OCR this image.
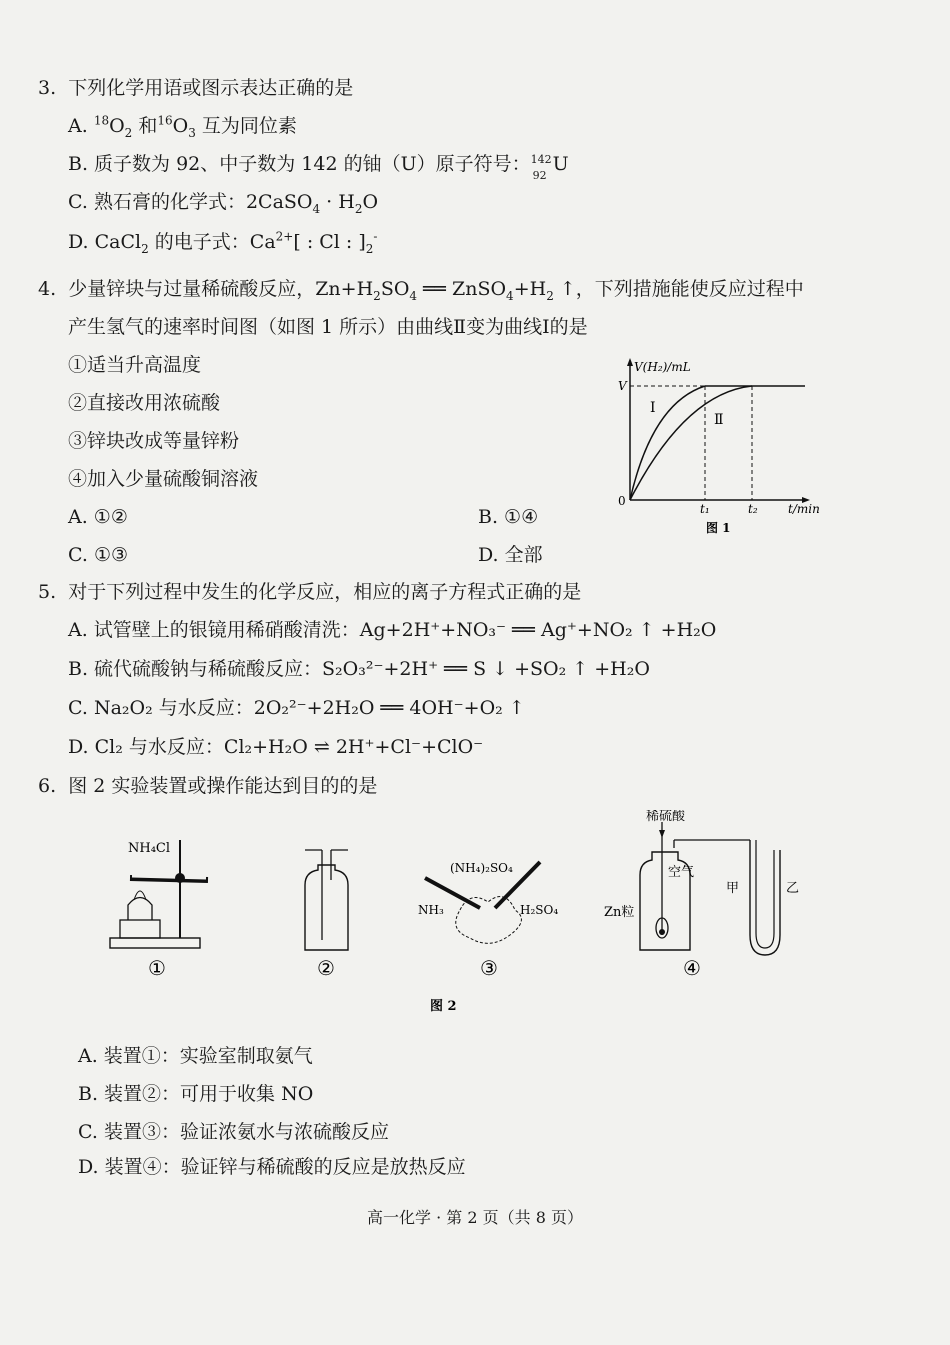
3. 下列化学用语或图示表达正确的是
A. $^{18}O_2$ 和$^{16}O_3$ 互为同位素
B. 质子数为 92、中子数为 142 的铀（U）原子符号： 142
92
U
C. 熟石膏的化学式：2CaSO$_4$ · $H_2O$
D. CaCl$_2$ 的电子式：$Ca^{2+}$[ : Cl : ]$_2^-$
4. 少量锌块与过量稀硫酸反应，$Zn+H_2SO_4$ ══ $ZnSO_4+H_2$ ↑，下列措施能使反应过程中
产生氢气的速率时间图（如图 1 所示）由曲线Ⅱ变为曲线Ⅰ的是
①适当升高温度
②直接改用浓硫酸
③锌块改成等量锌粉
④加入少量硫酸铜溶液
A. ①②	B. ①④
C. ①③	D. 全部
V(H₂)/mL
V
Ⅰ
Ⅱ
0
t₁	t₂	t/min
图 1
5. 对于下列过程中发生的化学反应，相应的离子方程式正确的是
A. 试管壁上的银镜用稀硝酸清洗：Ag+2H⁺+NO₃⁻ ══ Ag⁺+NO₂ ↑ +H₂O
B. 硫代硫酸钠与稀硫酸反应：S₂O₃²⁻+2H⁺ ══ S ↓ +SO₂ ↑ +H₂O
C. Na₂O₂ 与水反应：2O₂²⁻+2H₂O ══ 4OH⁻+O₂ ↑
D. Cl₂ 与水反应：Cl₂+H₂O ⇌ 2H⁺+Cl⁻+ClO⁻
6. 图 2 实验装置或操作能达到目的的是
NH₄Cl
①	②
(NH₄)₂SO₄
NH₃	H₂SO₄
③
稀硫酸
Zn粒
空气
甲	乙
④
图 2
A. 装置①：实验室制取氨气
B. 装置②：可用于收集 NO
C. 装置③：验证浓氨水与浓硫酸反应
D. 装置④：验证锌与稀硫酸的反应是放热反应
高一化学 · 第 2 页（共 8 页）
